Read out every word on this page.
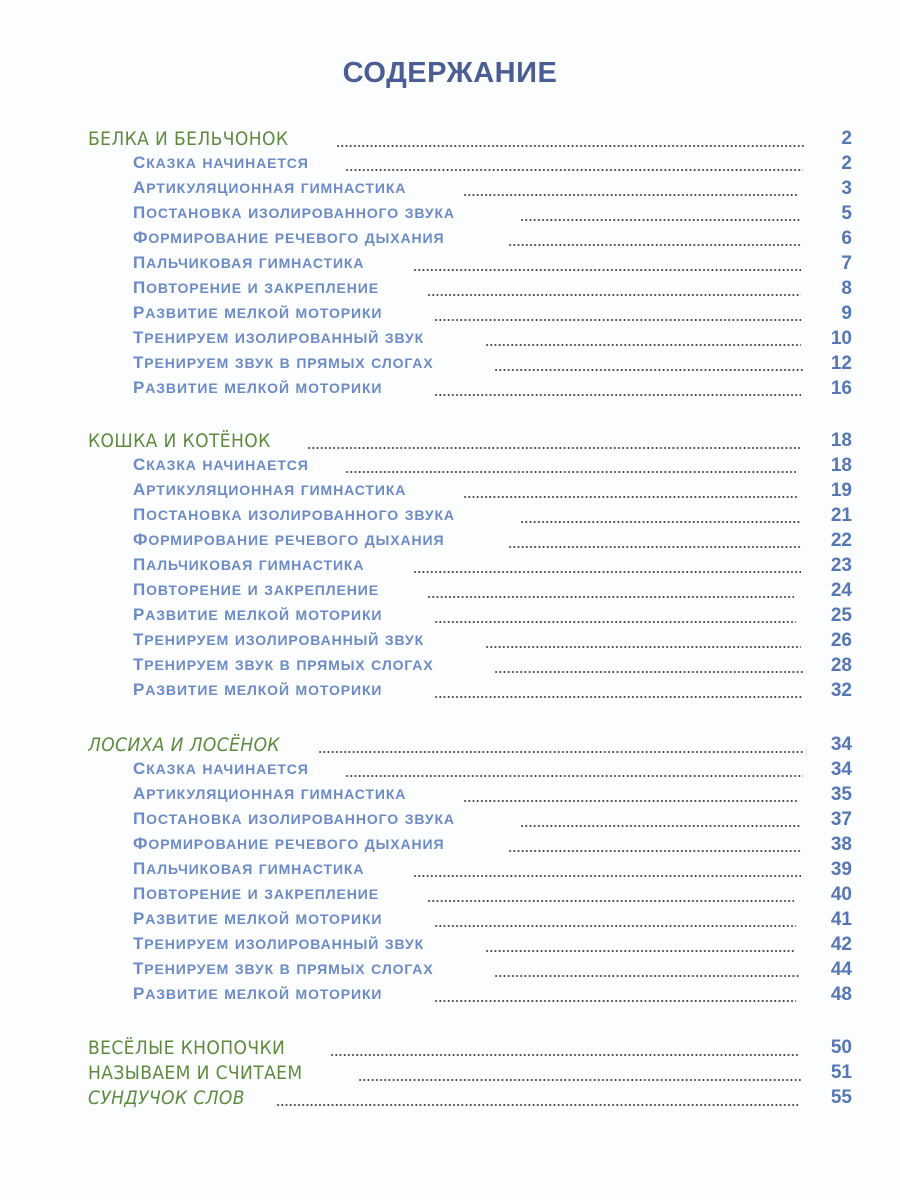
СОДЕРЖАНИЕ
БЕЛКА И БЕЛЬЧОНОК	2
СКАЗКА НАЧИНАЕТСЯ	2
АРТИКУЛЯЦИОННАЯ ГИМНАСТИКА	3
ПОСТАНОВКА ИЗОЛИРОВАННОГО ЗВУКА	5
ФОРМИРОВАНИЕ РЕЧЕВОГО ДЫХАНИЯ	6
ПАЛЬЧИКОВАЯ ГИМНАСТИКА	7
ПОВТОРЕНИЕ И ЗАКРЕПЛЕНИЕ	8
РАЗВИТИЕ МЕЛКОЙ МОТОРИКИ	9
ТРЕНИРУЕМ ИЗОЛИРОВАННЫЙ ЗВУК	10
ТРЕНИРУЕМ ЗВУК В ПРЯМЫХ СЛОГАХ	12
РАЗВИТИЕ МЕЛКОЙ МОТОРИКИ	16
КОШКА И КОТЁНОК	18
СКАЗКА НАЧИНАЕТСЯ	18
АРТИКУЛЯЦИОННАЯ ГИМНАСТИКА	19
ПОСТАНОВКА ИЗОЛИРОВАННОГО ЗВУКА	21
ФОРМИРОВАНИЕ РЕЧЕВОГО ДЫХАНИЯ	22
ПАЛЬЧИКОВАЯ ГИМНАСТИКА	23
ПОВТОРЕНИЕ И ЗАКРЕПЛЕНИЕ	24
РАЗВИТИЕ МЕЛКОЙ МОТОРИКИ	25
ТРЕНИРУЕМ ИЗОЛИРОВАННЫЙ ЗВУК	26
ТРЕНИРУЕМ ЗВУК В ПРЯМЫХ СЛОГАХ	28
РАЗВИТИЕ МЕЛКОЙ МОТОРИКИ	32
ЛОСИХА И ЛОСЁНОК	34
СКАЗКА НАЧИНАЕТСЯ	34
АРТИКУЛЯЦИОННАЯ ГИМНАСТИКА	35
ПОСТАНОВКА ИЗОЛИРОВАННОГО ЗВУКА	37
ФОРМИРОВАНИЕ РЕЧЕВОГО ДЫХАНИЯ	38
ПАЛЬЧИКОВАЯ ГИМНАСТИКА	39
ПОВТОРЕНИЕ И ЗАКРЕПЛЕНИЕ	40
РАЗВИТИЕ МЕЛКОЙ МОТОРИКИ	41
ТРЕНИРУЕМ ИЗОЛИРОВАННЫЙ ЗВУК	42
ТРЕНИРУЕМ ЗВУК В ПРЯМЫХ СЛОГАХ	44
РАЗВИТИЕ МЕЛКОЙ МОТОРИКИ	48
ВЕСЁЛЫЕ КНОПОЧКИ	50
НАЗЫВАЕМ И СЧИТАЕМ	51
СУНДУЧОК СЛОВ	55
